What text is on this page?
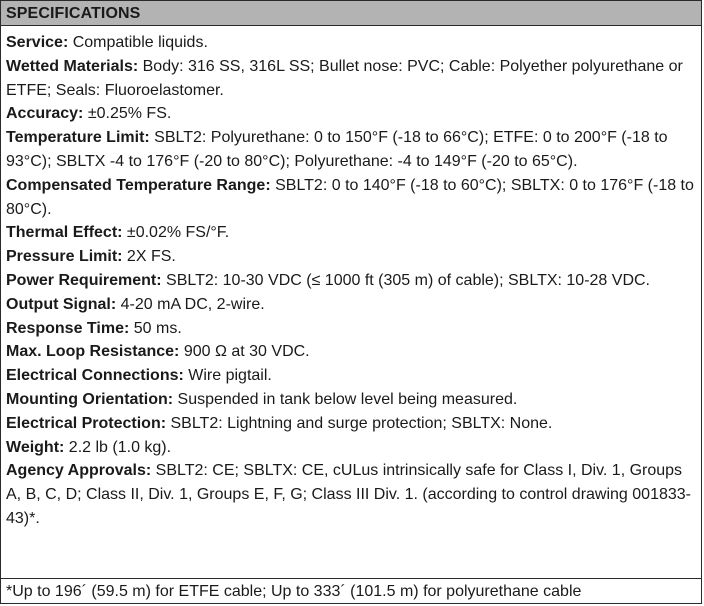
SPECIFICATIONS

Service: Compatible liquids.

Wetted Materials: Body: 316 SS, 316L SS; Bullet nose: PVC; Cable: Polyether polyurethane or ETFE; Seals: Fluoroelastomer.

Accuracy: ±0.25% FS.

Temperature Limit: SBLT2: Polyurethane: 0 to 150°F (-18 to 66°C); ETFE: 0 to 200°F (-18 to 93°C); SBLTX -4 to 176°F (-20 to 80°C); Polyurethane: -4 to 149°F (-20 to 65°C).

Compensated Temperature Range: SBLT2: 0 to 140°F (-18 to 60°C); SBLTX: 0 to 176°F (-18 to 80°C).

Thermal Effect: ±0.02% FS/°F.

Pressure Limit: 2X FS.

Power Requirement: SBLT2: 10-30 VDC (≤ 1000 ft (305 m) of cable); SBLTX: 10-28 VDC.

Output Signal: 4-20 mA DC, 2-wire.

Response Time: 50 ms.

Max. Loop Resistance: 900 Ω at 30 VDC.

Electrical Connections: Wire pigtail.

Mounting Orientation: Suspended in tank below level being measured.

Electrical Protection: SBLT2: Lightning and surge protection; SBLTX: None.

Weight: 2.2 lb (1.0 kg).

Agency Approvals: SBLT2: CE; SBLTX: CE, cULus intrinsically safe for Class I, Div. 1, Groups A, B, C, D; Class II, Div. 1, Groups E, F, G; Class III Div. 1. (according to control drawing 001833-43)*.

*Up to 196´ (59.5 m) for ETFE cable; Up to 333´ (101.5 m) for polyurethane cable
